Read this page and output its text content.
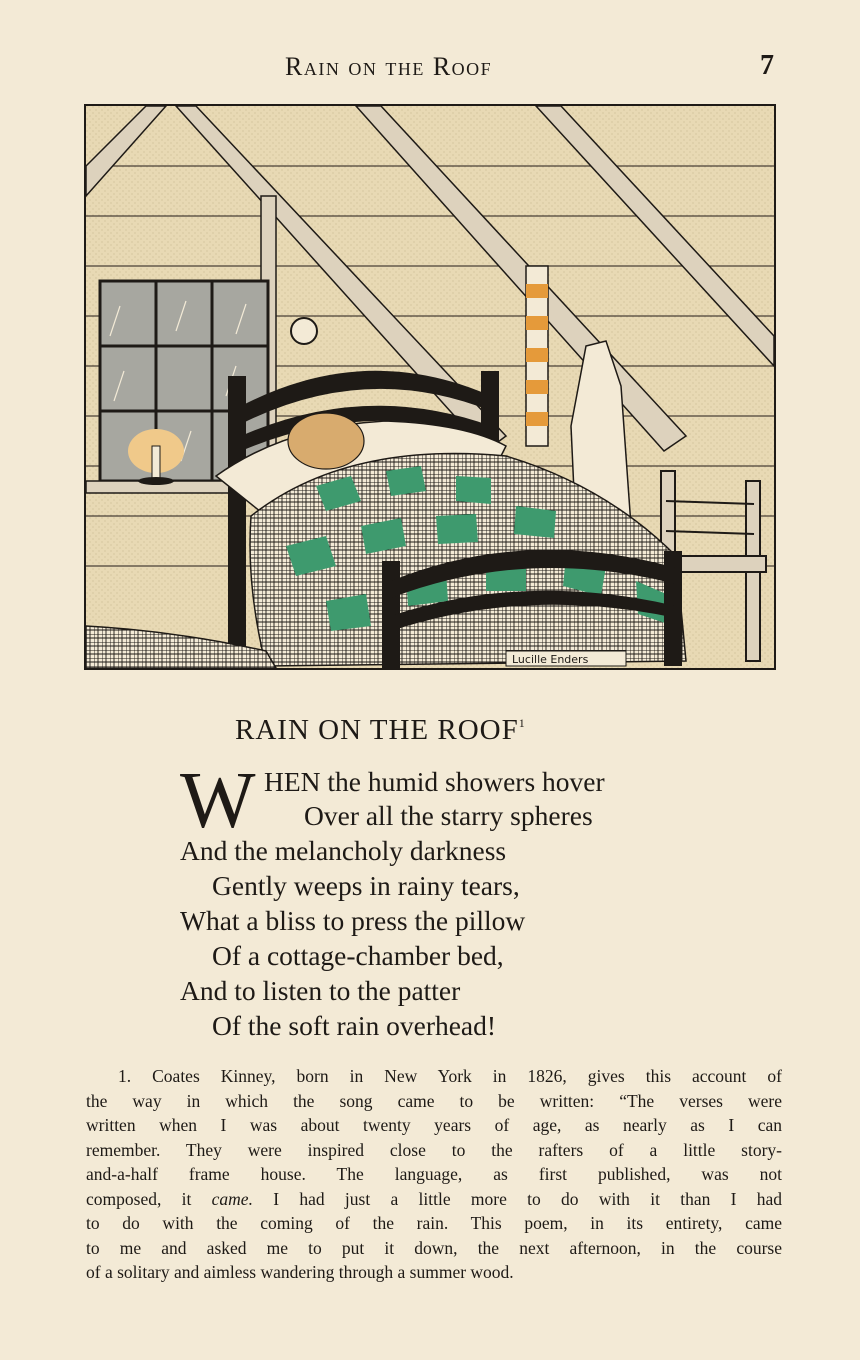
Rain on the Roof	7
Lucille Enders
RAIN ON THE ROOF$^1$
W HEN the humid showers hover
Over all the starry spheres
And the melancholy darkness
Gently weeps in rainy tears,
What a bliss to press the pillow
Of a cottage-chamber bed,
And to listen to the patter
Of the soft rain overhead!
1. Coates Kinney, born in New York in 1826, gives this account of
the way in which the song came to be written: “The verses were
written when I was about twenty years of age, as nearly as I can
remember. They were inspired close to the rafters of a little story-
and-a-half frame house. The language, as first published, was not
composed, it came. I had just a little more to do with it than I had
to do with the coming of the rain. This poem, in its entirety, came
to me and asked me to put it down, the next afternoon, in the course
of a solitary and aimless wandering through a summer wood.
